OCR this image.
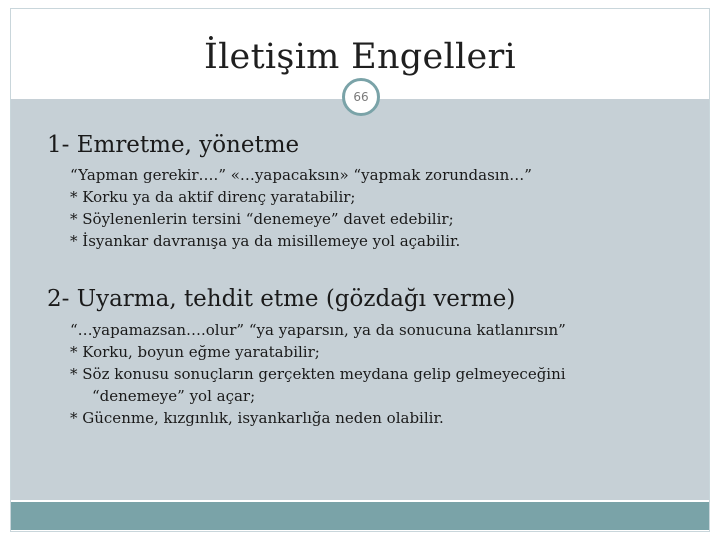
İletişim Engelleri
66
1- Emretme, yönetme
“Yapman gerekir….” «…yapacaksın» “yapmak zorundasın…”
* Korku ya da aktif direnç yaratabilir;
* Söylenenlerin tersini “denemeye” davet edebilir;
* İsyankar davranışa ya da misillemeye yol açabilir.
2- Uyarma, tehdit etme (gözdağı verme)
“…yapamazsan….olur” “ya yaparsın, ya da sonucuna katlanırsın”
* Korku, boyun eğme yaratabilir;
* Söz konusu sonuçların gerçekten meydana gelip gelmeyeceğini
“denemeye” yol açar;
* Gücenme, kızgınlık, isyankarlığa neden olabilir.
